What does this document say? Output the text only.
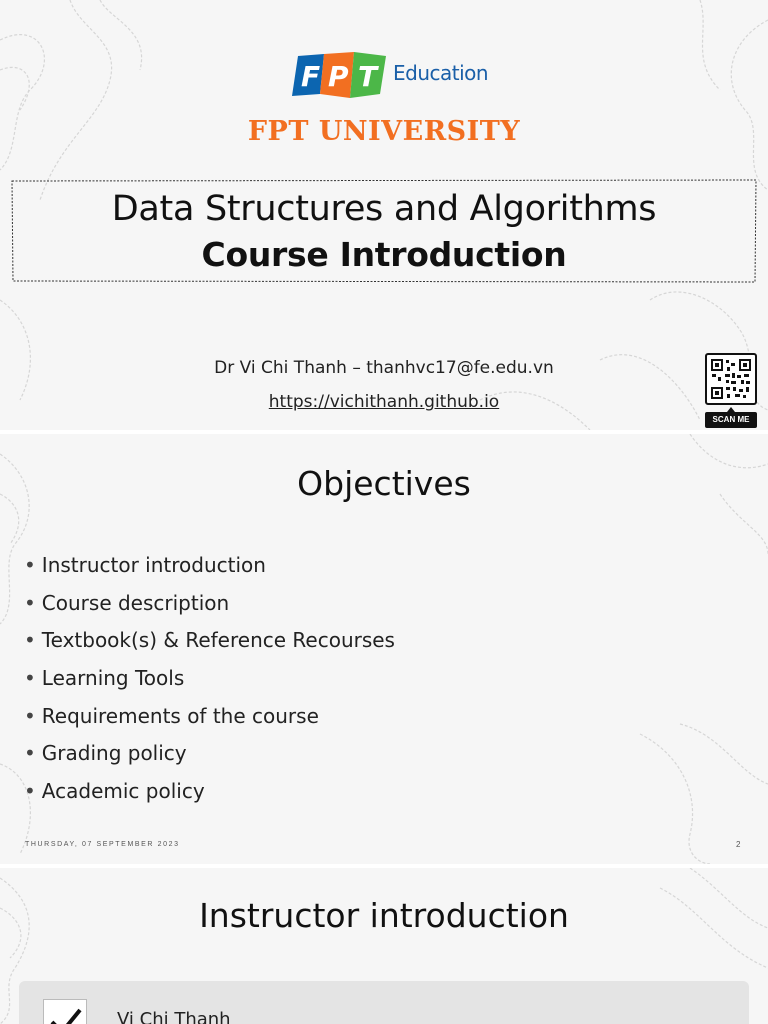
F P T Education
FPT UNIVERSITY
Data Structures and Algorithms
Course Introduction
Dr Vi Chi Thanh – thanhvc17@fe.edu.vn
https://vichithanh.github.io
SCAN ME
Objectives
• Instructor introduction
• Course description
• Textbook(s) & Reference Recourses
• Learning Tools
• Requirements of the course
• Grading policy
• Academic policy
THURSDAY, 07 SEPTEMBER 2023	2
Instructor introduction
Vi Chi Thanh
